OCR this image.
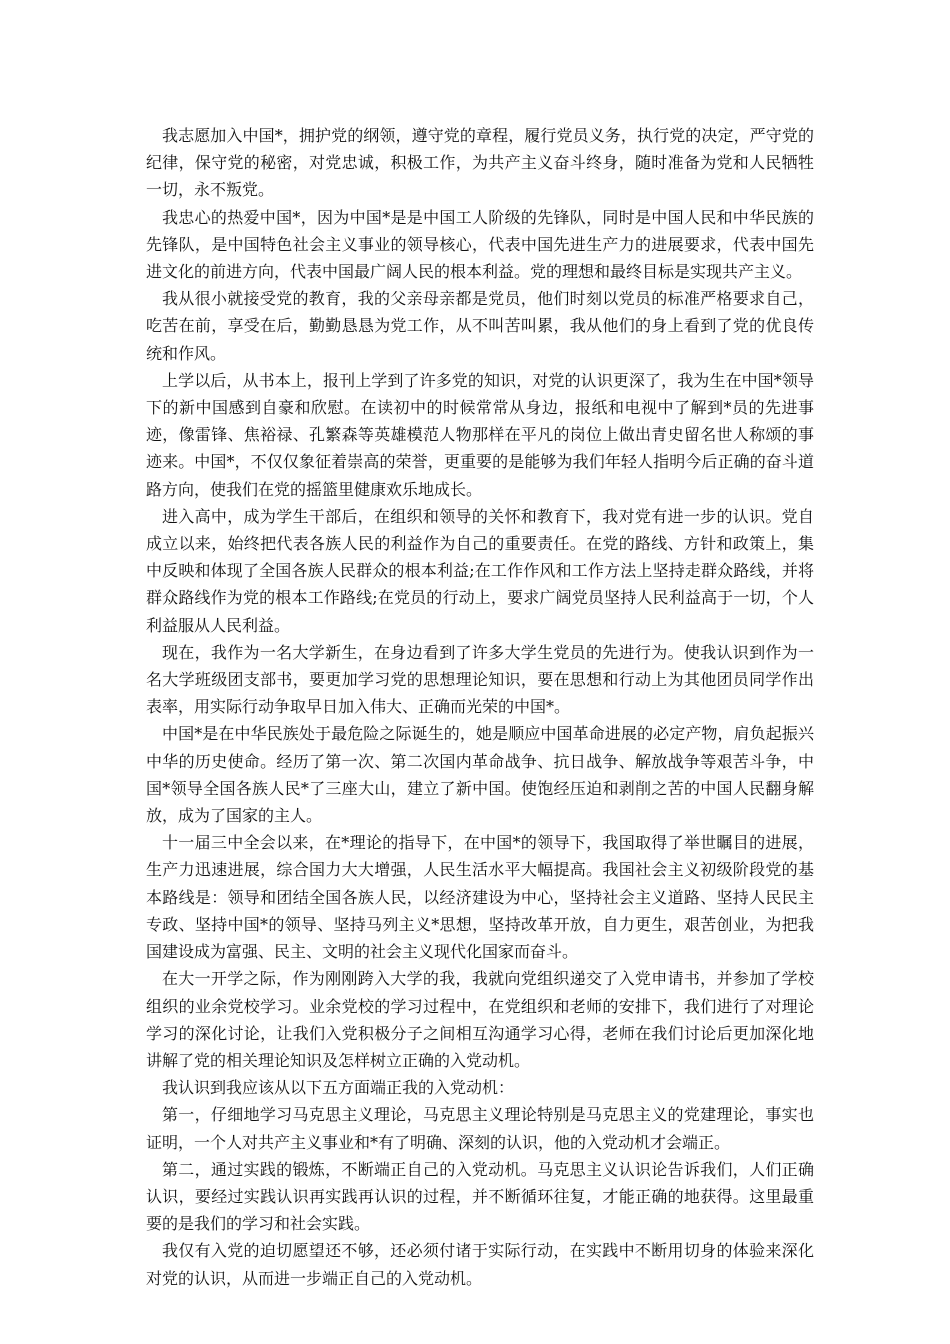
我志愿加入中国*，拥护党的纲领，遵守党的章程，履行党员义务，执行党的决定，严守党的纪律，保守党的秘密，对党忠诚，积极工作，为共产主义奋斗终身，随时准备为党和人民牺牲一切，永不叛党。

我忠心的热爱中国*，因为中国*是是中国工人阶级的先锋队，同时是中国人民和中华民族的先锋队，是中国特色社会主义事业的领导核心，代表中国先进生产力的进展要求，代表中国先进文化的前进方向，代表中国最广阔人民的根本利益。党的理想和最终目标是实现共产主义。

我从很小就接受党的教育，我的父亲母亲都是党员，他们时刻以党员的标准严格要求自己，吃苦在前，享受在后，勤勤恳恳为党工作，从不叫苦叫累，我从他们的身上看到了党的优良传统和作风。

上学以后，从书本上，报刊上学到了许多党的知识，对党的认识更深了，我为生在中国*领导下的新中国感到自豪和欣慰。在读初中的时候常常从身边，报纸和电视中了解到*员的先进事迹，像雷锋、焦裕禄、孔繁森等英雄模范人物那样在平凡的岗位上做出青史留名世人称颂的事迹来。中国*，不仅仅象征着崇高的荣誉，更重要的是能够为我们年轻人指明今后正确的奋斗道路方向，使我们在党的摇篮里健康欢乐地成长。

进入高中，成为学生干部后，在组织和领导的关怀和教育下，我对党有进一步的认识。党自成立以来，始终把代表各族人民的利益作为自己的重要责任。在党的路线、方针和政策上，集中反映和体现了全国各族人民群众的根本利益;在工作作风和工作方法上坚持走群众路线，并将群众路线作为党的根本工作路线;在党员的行动上，要求广阔党员坚持人民利益高于一切，个人利益服从人民利益。

现在，我作为一名大学新生，在身边看到了许多大学生党员的先进行为。使我认识到作为一名大学班级团支部书，要更加学习党的思想理论知识，要在思想和行动上为其他团员同学作出表率，用实际行动争取早日加入伟大、正确而光荣的中国*。

中国*是在中华民族处于最危险之际诞生的，她是顺应中国革命进展的必定产物，肩负起振兴中华的历史使命。经历了第一次、第二次国内革命战争、抗日战争、解放战争等艰苦斗争，中国*领导全国各族人民*了三座大山，建立了新中国。使饱经压迫和剥削之苦的中国人民翻身解放，成为了国家的主人。

十一届三中全会以来，在*理论的指导下，在中国*的领导下，我国取得了举世瞩目的进展，生产力迅速进展，综合国力大大增强，人民生活水平大幅提高。我国社会主义初级阶段党的基本路线是：领导和团结全国各族人民，以经济建设为中心，坚持社会主义道路、坚持人民民主专政、坚持中国*的领导、坚持马列主义*思想，坚持改革开放，自力更生，艰苦创业，为把我国建设成为富强、民主、文明的社会主义现代化国家而奋斗。

在大一开学之际，作为刚刚跨入大学的我，我就向党组织递交了入党申请书，并参加了学校组织的业余党校学习。业余党校的学习过程中，在党组织和老师的安排下，我们进行了对理论学习的深化讨论，让我们入党积极分子之间相互沟通学习心得，老师在我们讨论后更加深化地讲解了党的相关理论知识及怎样树立正确的入党动机。

我认识到我应该从以下五方面端正我的入党动机：

第一，仔细地学习马克思主义理论，马克思主义理论特别是马克思主义的党建理论，事实也证明，一个人对共产主义事业和*有了明确、深刻的认识，他的入党动机才会端正。

第二，通过实践的锻炼，不断端正自己的入党动机。马克思主义认识论告诉我们，人们正确认识，要经过实践认识再实践再认识的过程，并不断循环往复，才能正确的地获得。这里最重要的是我们的学习和社会实践。

我仅有入党的迫切愿望还不够，还必须付诸于实际行动，在实践中不断用切身的体验来深化对党的认识，从而进一步端正自己的入党动机。
